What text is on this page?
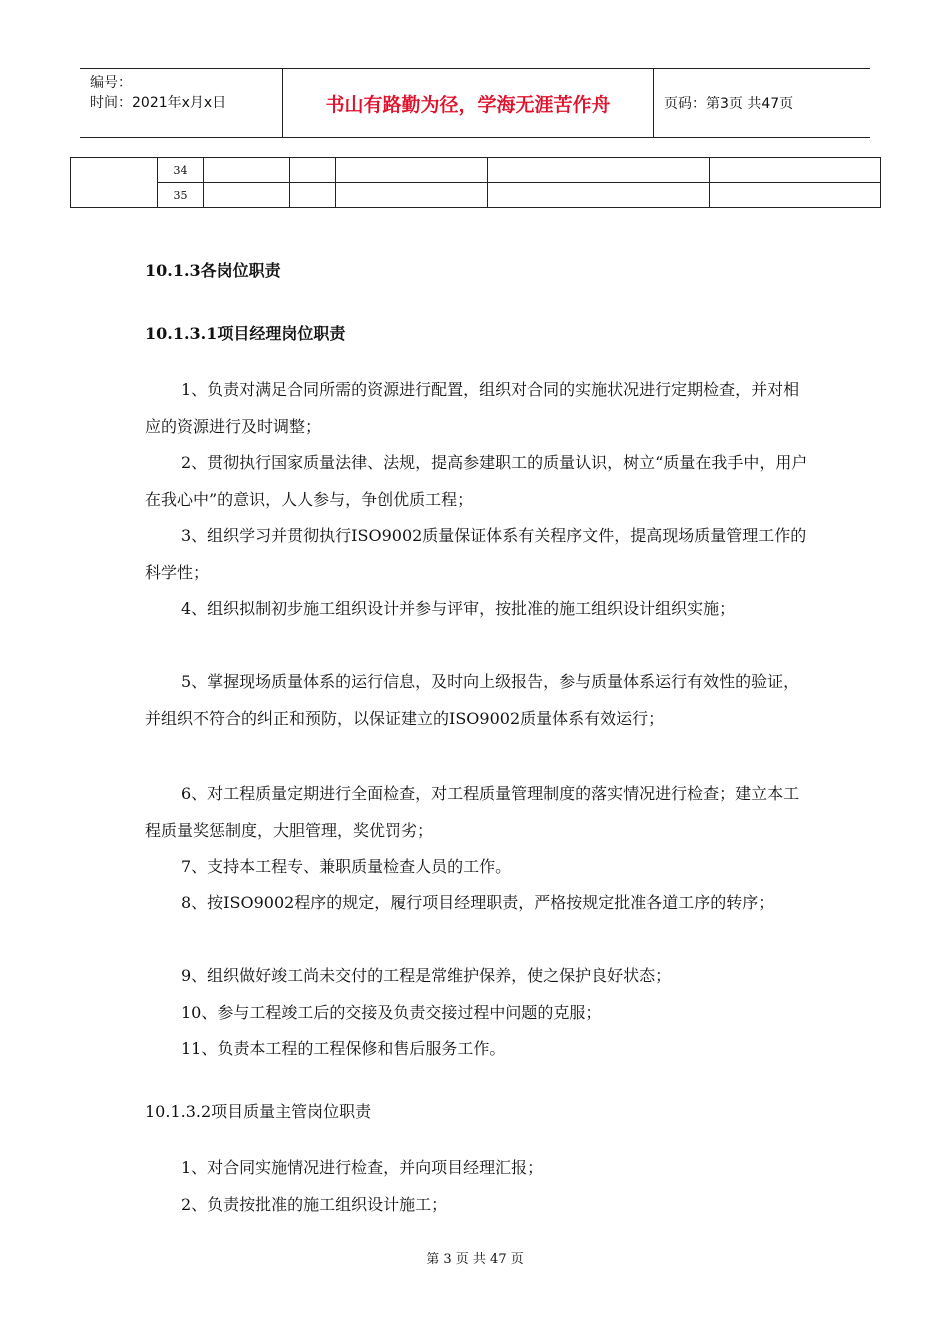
编号：
时间：2021年x月x日	书山有路勤为径，学海无涯苦作舟	页码：第3页 共47页
	34					
	35					
10.1.3各岗位职责
10.1.3.1项目经理岗位职责

1、负责对满足合同所需的资源进行配置，组织对合同的实施状况进行定期检查，并对相应的资源进行及时调整；

2、贯彻执行国家质量法律、法规，提高参建职工的质量认识，树立“质量在我手中，用户在我心中”的意识，人人参与，争创优质工程；

3、组织学习并贯彻执行ISO9002质量保证体系有关程序文件，提高现场质量管理工作的科学性；

4、组织拟制初步施工组织设计并参与评审，按批准的施工组织设计组织实施；

5、掌握现场质量体系的运行信息，及时向上级报告，参与质量体系运行有效性的验证，并组织不符合的纠正和预防，以保证建立的ISO9002质量体系有效运行；

6、对工程质量定期进行全面检查，对工程质量管理制度的落实情况进行检查；建立本工程质量奖惩制度，大胆管理，奖优罚劣；

7、支持本工程专、兼职质量检查人员的工作。

8、按ISO9002程序的规定，履行项目经理职责，严格按规定批准各道工序的转序；

9、组织做好竣工尚未交付的工程是常维护保养，使之保护良好状态；

10、参与工程竣工后的交接及负责交接过程中问题的克服；

11、负责本工程的工程保修和售后服务工作。

10.1.3.2项目质量主管岗位职责

1、对合同实施情况进行检查，并向项目经理汇报；

2、负责按批准的施工组织设计施工；

第 3 页 共 47 页
